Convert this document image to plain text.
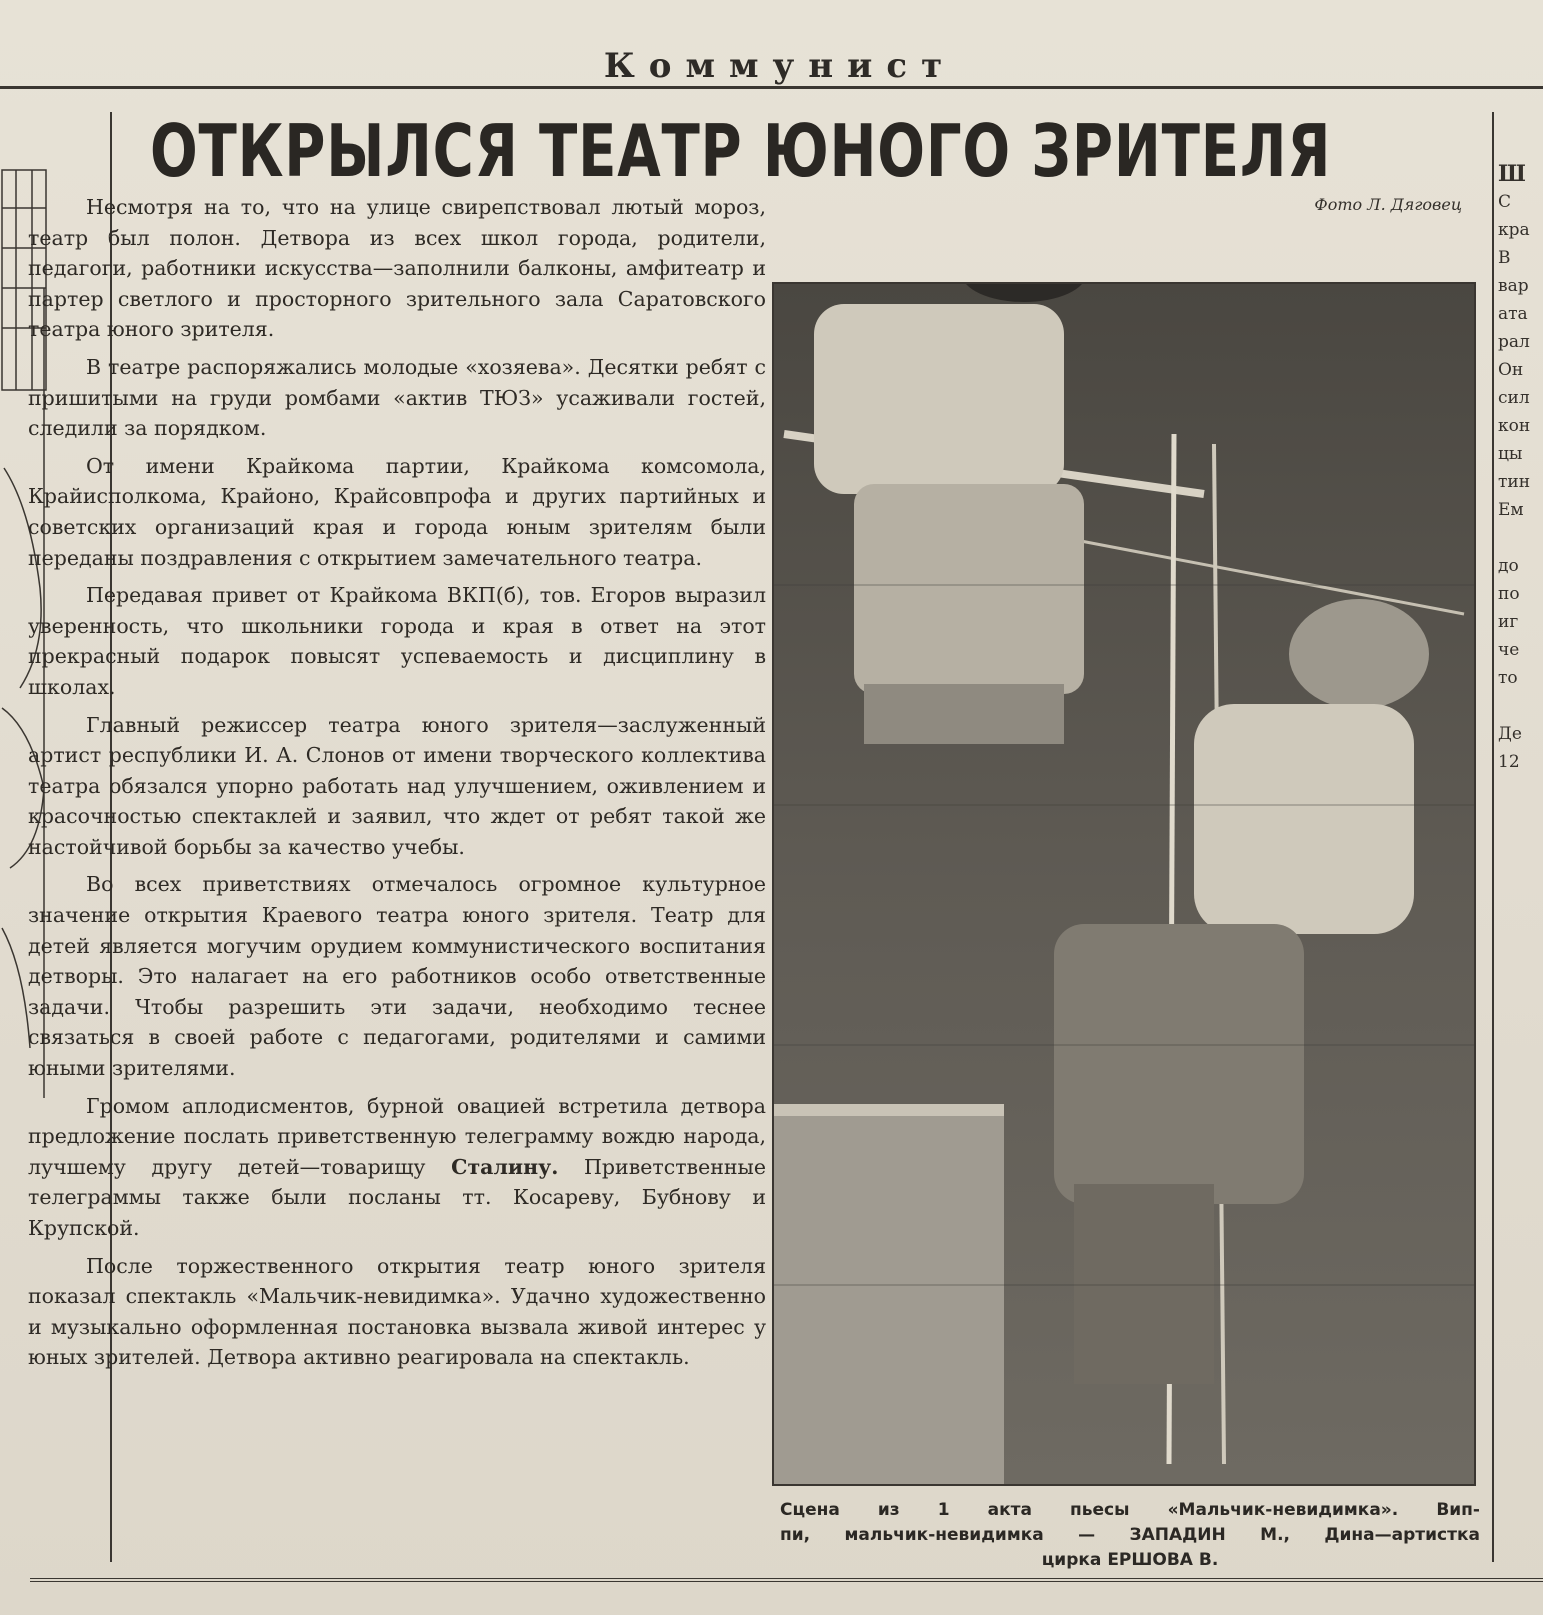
Коммунист
ОТКРЫЛСЯ ТЕАТР ЮНОГО ЗРИТЕЛЯ
Фото Л. Дяговец

Несмотря на то, что на улице свирепствовал лютый мороз, театр был полон. Детвора из всех школ города, родители, педагоги, работники искусства—заполнили балконы, амфитеатр и партер светлого и просторного зрительного зала Саратовского театра юного зрителя.

В театре распоряжались молодые «хозяева». Десятки ребят с пришитыми на груди ромбами «актив ТЮЗ» усаживали гостей, следили за порядком.

От имени Крайкома партии, Крайкома комсомола, Крайисполкома, Крайоно, Крайсовпрофа и других партийных и советских организаций края и города юным зрителям были переданы поздравления с открытием замечательного театра.

Передавая привет от Крайкома ВКП(б), тов. Егоров выразил уверенность, что школьники города и края в ответ на этот прекрасный подарок повысят успеваемость и дисциплину в школах.

Главный режиссер театра юного зрителя—заслуженный артист республики И. А. Слонов от имени творческого коллектива театра обязался упорно работать над улучшением, оживлением и красочностью спектаклей и заявил, что ждет от ребят такой же настойчивой борьбы за качество учебы.

Во всех приветствиях отмечалось огромное культурное значение открытия Краевого театра юного зрителя. Театр для детей является могучим орудием коммунистического воспитания детворы. Это налагает на его работников особо ответственные задачи. Чтобы разрешить эти задачи, необходимо теснее связаться в своей работе с педагогами, родителями и самими юными зрителями.

Громом аплодисментов, бурной овацией встретила детвора предложение послать приветственную телеграмму вождю народа, лучшему другу детей—товарищу Сталину. Приветственные телеграммы также были посланы тт. Косареву, Бубнову и Крупской.

После торжественного открытия театр юного зрителя показал спектакль «Мальчик-невидимка». Удачно художественно и музыкально оформленная постановка вызвала живой интерес у юных зрителей. Детвора активно реагировала на спектакль.

Сцена из 1 акта пьесы «Мальчик-невидимка». Вип-
пи, мальчик-невидимка — ЗАПАДИН М., Дина—артистка
цирка ЕРШОВА В.
Ш
С
кра
В
вар
ата
рал
Он
сил
кон
цы
тин
Ем

до
по
иг
че
то

Де
12
